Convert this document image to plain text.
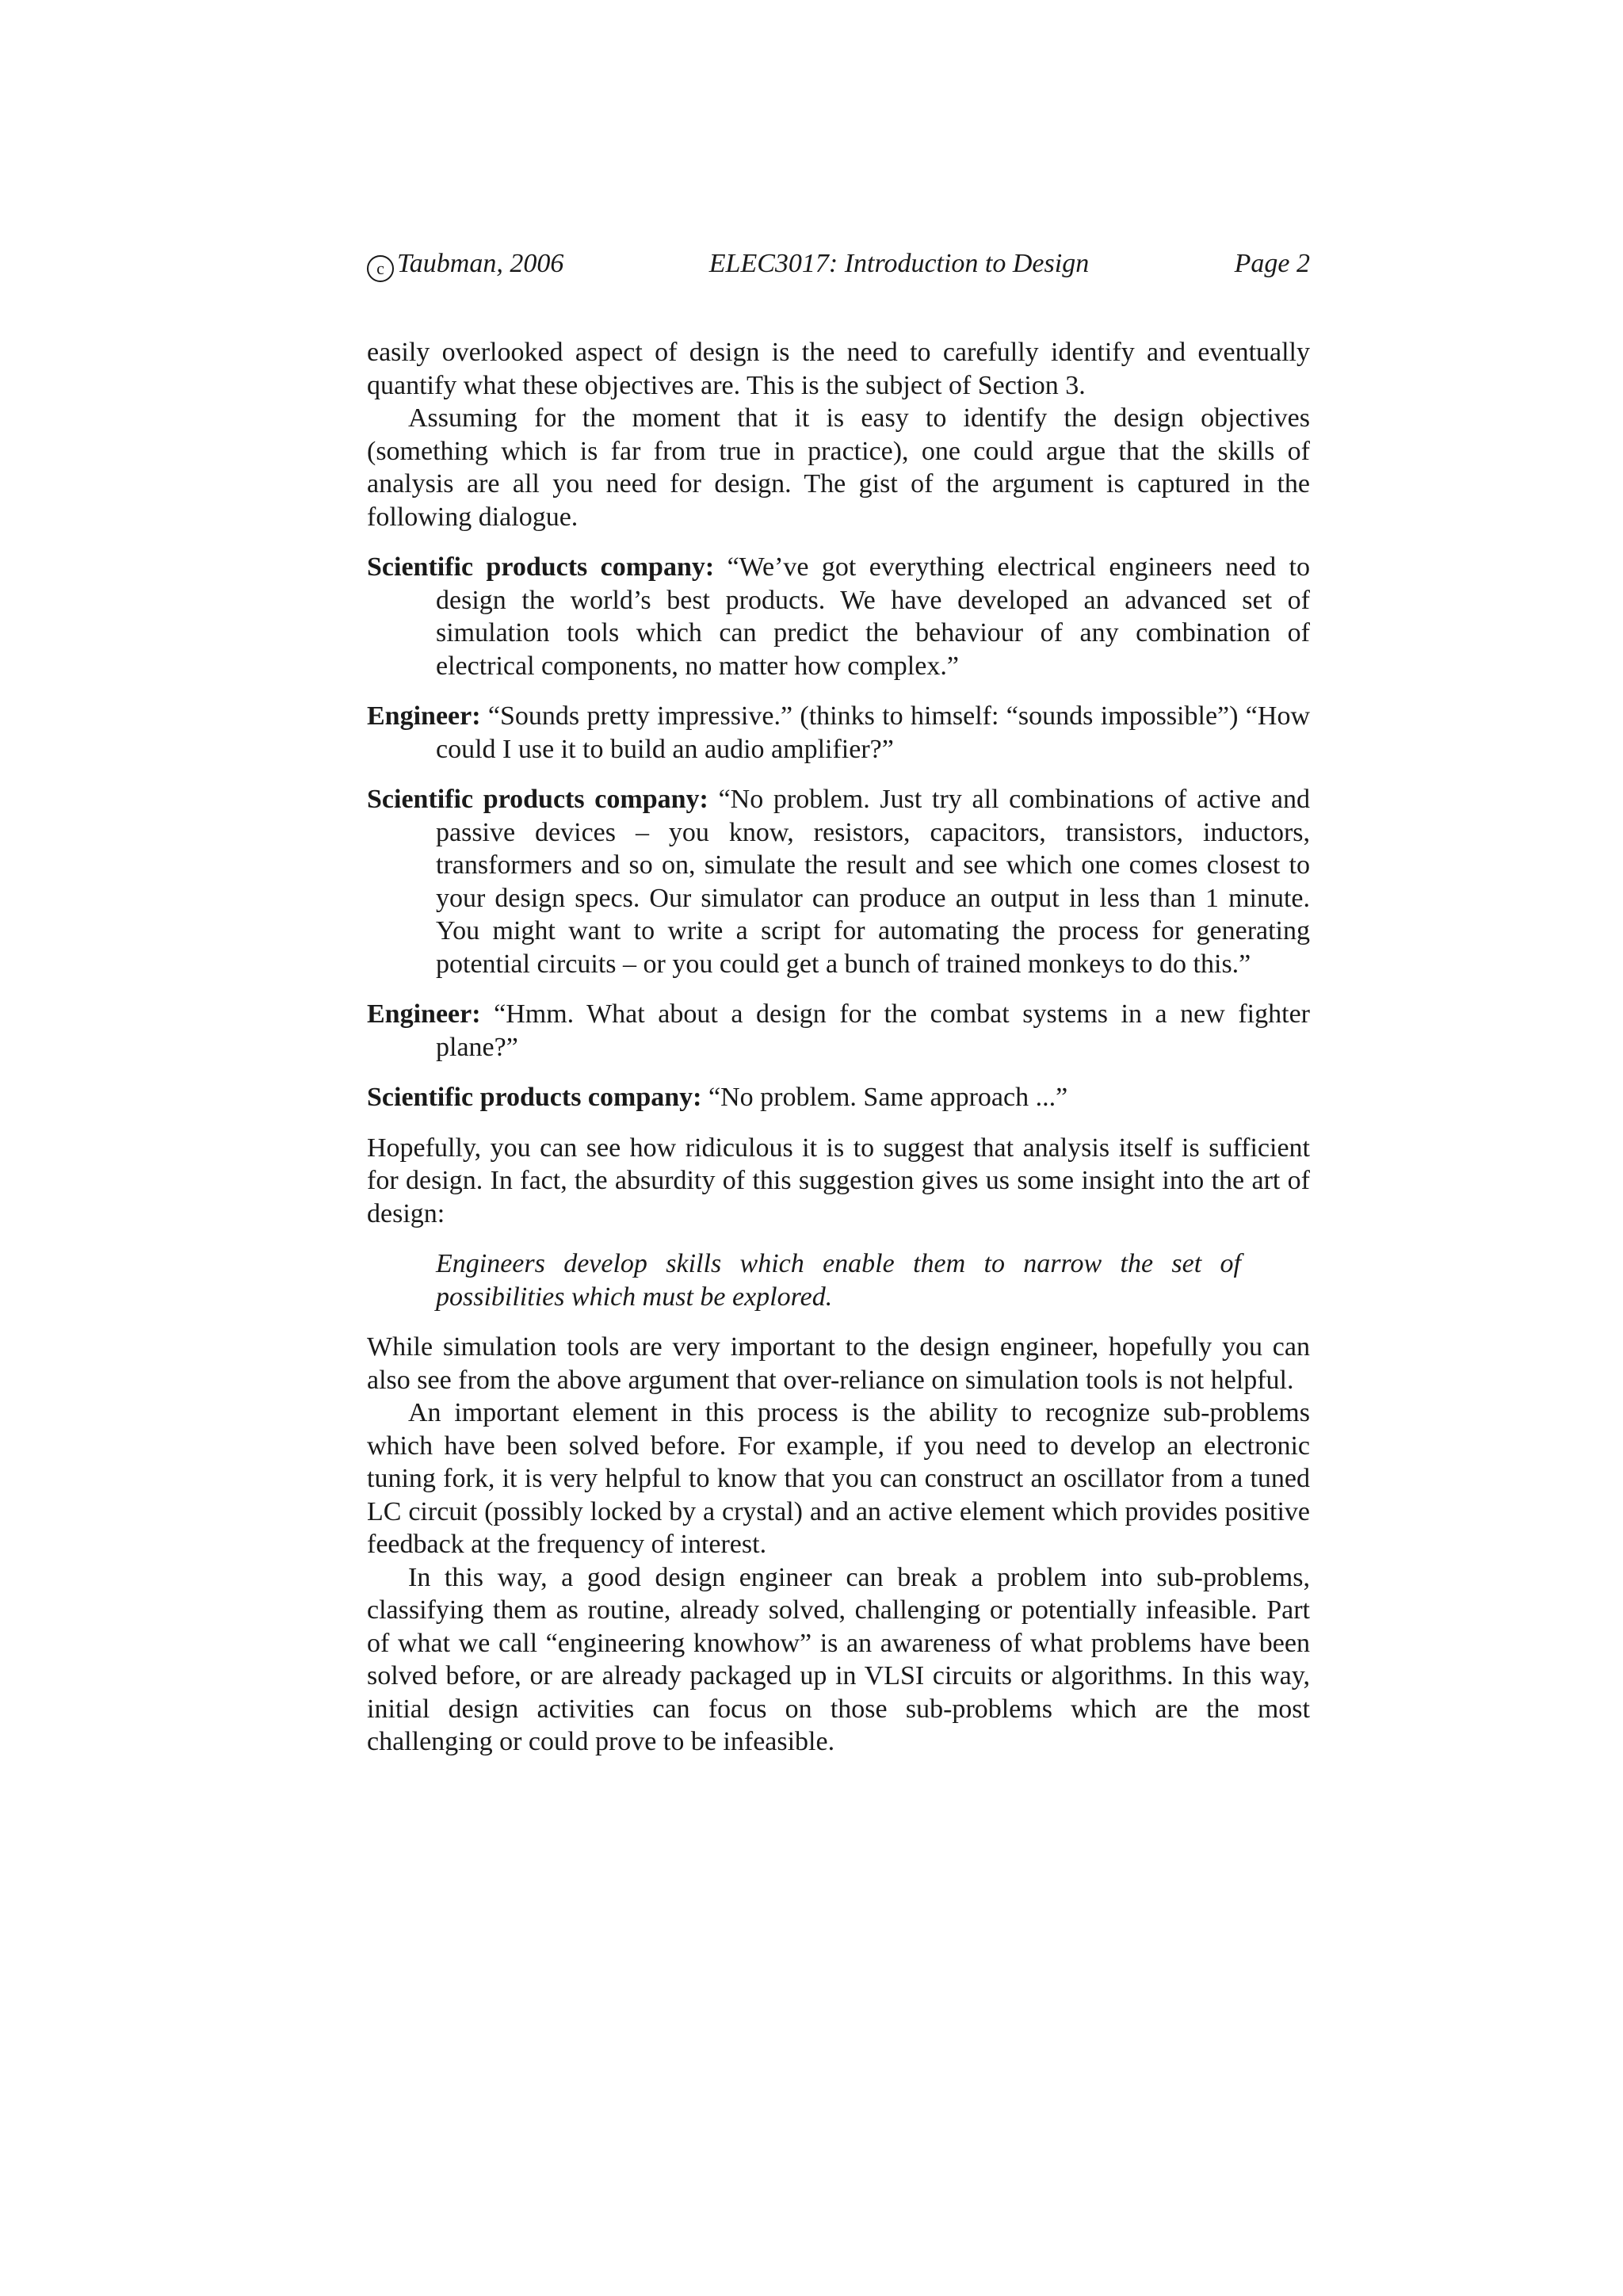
c Taubman, 2006	ELEC3017: Introduction to Design	Page 2

easily overlooked aspect of design is the need to carefully identify and eventually quantify what these objectives are. This is the subject of Section 3.

Assuming for the moment that it is easy to identify the design objectives (something which is far from true in practice), one could argue that the skills of analysis are all you need for design. The gist of the argument is captured in the following dialogue.

Scientific products company: “We’ve got everything electrical engineers need to design the world’s best products. We have developed an advanced set of simulation tools which can predict the behaviour of any combination of electrical components, no matter how complex.”

Engineer: “Sounds pretty impressive.” (thinks to himself: “sounds impossible”) “How could I use it to build an audio amplifier?”

Scientific products company: “No problem. Just try all combinations of active and passive devices – you know, resistors, capacitors, transistors, inductors, transformers and so on, simulate the result and see which one comes closest to your design specs. Our simulator can produce an output in less than 1 minute. You might want to write a script for automating the process for generating potential circuits – or you could get a bunch of trained monkeys to do this.”

Engineer: “Hmm. What about a design for the combat systems in a new fighter plane?”

Scientific products company: “No problem. Same approach ...”

Hopefully, you can see how ridiculous it is to suggest that analysis itself is sufficient for design. In fact, the absurdity of this suggestion gives us some insight into the art of design:

Engineers develop skills which enable them to narrow the set of possibilities which must be explored.

While simulation tools are very important to the design engineer, hopefully you can also see from the above argument that over-reliance on simulation tools is not helpful.

An important element in this process is the ability to recognize sub-problems which have been solved before. For example, if you need to develop an electronic tuning fork, it is very helpful to know that you can construct an oscillator from a tuned LC circuit (possibly locked by a crystal) and an active element which provides positive feedback at the frequency of interest.

In this way, a good design engineer can break a problem into sub-problems, classifying them as routine, already solved, challenging or potentially infeasible. Part of what we call “engineering knowhow” is an awareness of what problems have been solved before, or are already packaged up in VLSI circuits or algorithms. In this way, initial design activities can focus on those sub-problems which are the most challenging or could prove to be infeasible.
